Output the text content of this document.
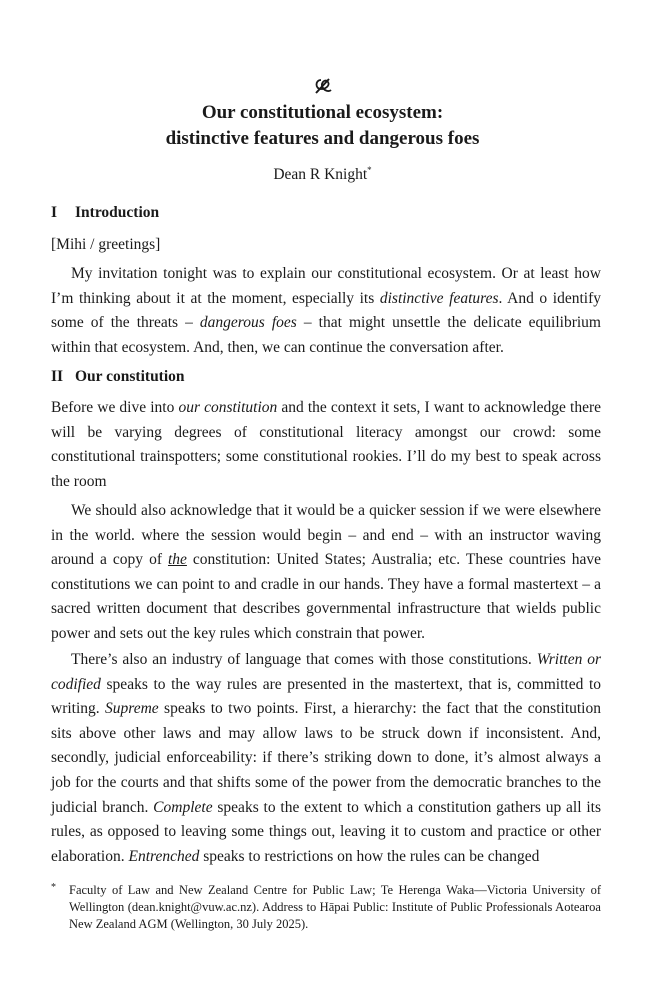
Our constitutional ecosystem:
distinctive features and dangerous foes
Dean R Knight*
I Introduction

[Mihi / greetings]

My invitation tonight was to explain our constitutional ecosystem. Or at least how I’m thinking about it at the moment, especially its distinctive features. And o identify some of the threats – dangerous foes – that might unsettle the delicate equilibrium within that ecosystem. And, then, we can continue the conversation after.

II Our constitution

Before we dive into our constitution and the context it sets, I want to acknowledge there will be varying degrees of constitutional literacy amongst our crowd: some constitutional trainspotters; some constitutional rookies. I’ll do my best to speak across the room

We should also acknowledge that it would be a quicker session if we were elsewhere in the world. where the session would begin – and end – with an instructor waving around a copy of the constitution: United States; Australia; etc. These countries have constitutions we can point to and cradle in our hands. They have a formal mastertext – a sacred written document that describes governmental infrastructure that wields public power and sets out the key rules which constrain that power.

There’s also an industry of language that comes with those constitutions. Written or codified speaks to the way rules are presented in the mastertext, that is, committed to writing. Supreme speaks to two points. First, a hierarchy: the fact that the constitution sits above other laws and may allow laws to be struck down if inconsistent. And, secondly, judicial enforceability: if there’s striking down to done, it’s almost always a job for the courts and that shifts some of the power from the democratic branches to the judicial branch. Complete speaks to the extent to which a constitution gathers up all its rules, as opposed to leaving some things out, leaving it to custom and practice or other elaboration. Entrenched speaks to restrictions on how the rules can be changed

* Faculty of Law and New Zealand Centre for Public Law; Te Herenga Waka—Victoria University of Wellington (dean.knight@vuw.ac.nz). Address to Hāpai Public: Institute of Public Professionals Aotearoa New Zealand AGM (Wellington, 30 July 2025).
